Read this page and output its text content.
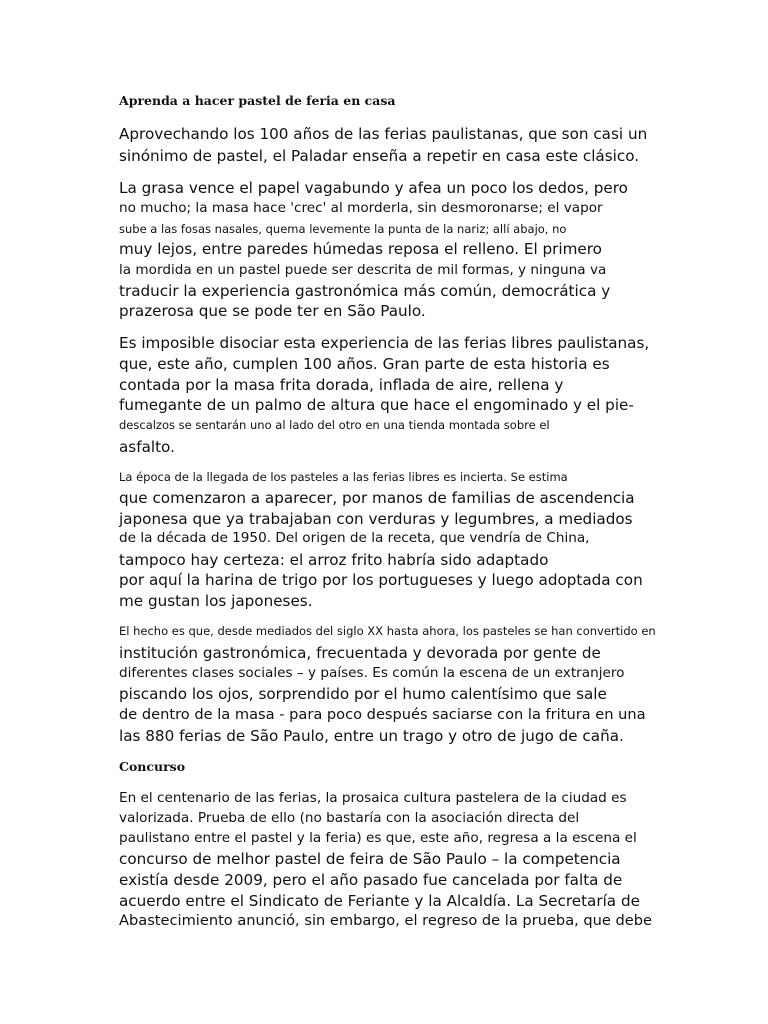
Aprenda a hacer pastel de feria en casa
Aprovechando los 100 años de las ferias paulistanas, que son casi un
sinónimo de pastel, el Paladar enseña a repetir en casa este clásico.
La grasa vence el papel vagabundo y afea un poco los dedos, pero
no mucho; la masa hace 'crec' al morderla, sin desmoronarse; el vapor
sube a las fosas nasales, quema levemente la punta de la nariz; allí abajo, no
muy lejos, entre paredes húmedas reposa el relleno. El primero
la mordida en un pastel puede ser descrita de mil formas, y ninguna va
traducir la experiencia gastronómica más común, democrática y
prazerosa que se pode ter en São Paulo.
Es imposible disociar esta experiencia de las ferias libres paulistanas,
que, este año, cumplen 100 años. Gran parte de esta historia es
contada por la masa frita dorada, inflada de aire, rellena y
fumegante de un palmo de altura que hace el engominado y el pie-
descalzos se sentarán uno al lado del otro en una tienda montada sobre el
asfalto.
La época de la llegada de los pasteles a las ferias libres es incierta. Se estima
que comenzaron a aparecer, por manos de familias de ascendencia
japonesa que ya trabajaban con verduras y legumbres, a mediados
de la década de 1950. Del origen de la receta, que vendría de China,
tampoco hay certeza: el arroz frito habría sido adaptado
por aquí la harina de trigo por los portugueses y luego adoptada con
me gustan los japoneses.
El hecho es que, desde mediados del siglo XX hasta ahora, los pasteles se han convertido en
institución gastronómica, frecuentada y devorada por gente de
diferentes clases sociales – y países. Es común la escena de un extranjero
piscando los ojos, sorprendido por el humo calentísimo que sale
de dentro de la masa - para poco después saciarse con la fritura en una
las 880 ferias de São Paulo, entre un trago y otro de jugo de caña.
Concurso
En el centenario de las ferias, la prosaica cultura pastelera de la ciudad es
valorizada. Prueba de ello (no bastaría con la asociación directa del
paulistano entre el pastel y la feria) es que, este año, regresa a la escena el
concurso de melhor pastel de feira de São Paulo – la competencia
existía desde 2009, pero el año pasado fue cancelada por falta de
acuerdo entre el Sindicato de Feriante y la Alcaldía. La Secretaría de
Abastecimiento anunció, sin embargo, el regreso de la prueba, que debe
